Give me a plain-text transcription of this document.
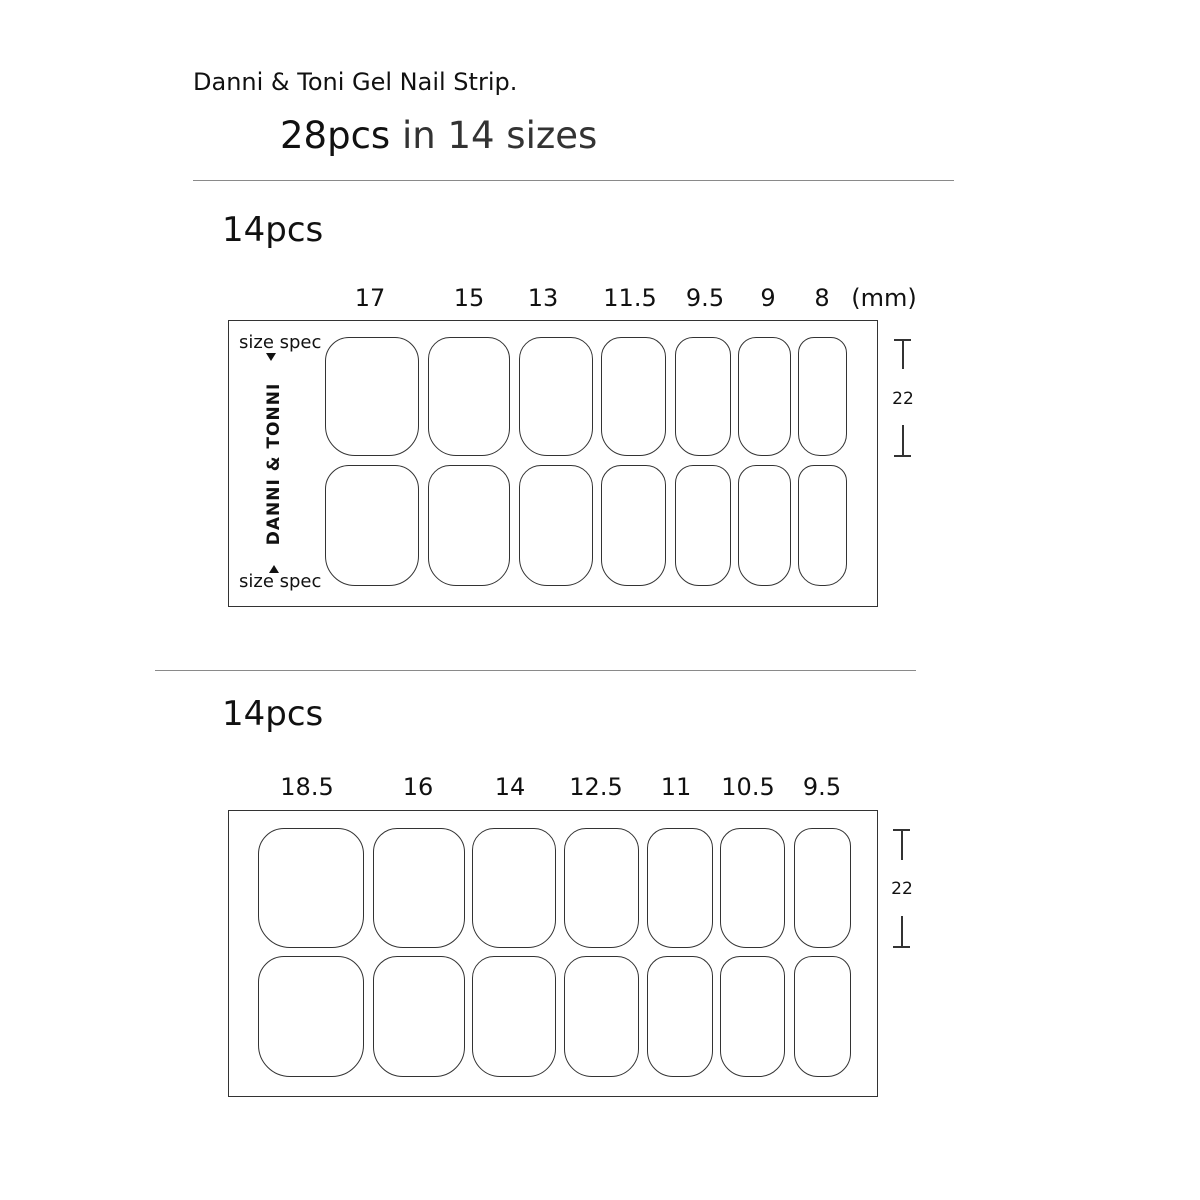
Danni & Toni Gel Nail Strip.
28pcs in 14 sizes
14pcs
17	15 13 11.5 9.5 9 8 (mm)
size spec
DANNI & TONNI
size spec
22
14pcs
18.5	16	14 12.5 11 10.5 9.5
22
